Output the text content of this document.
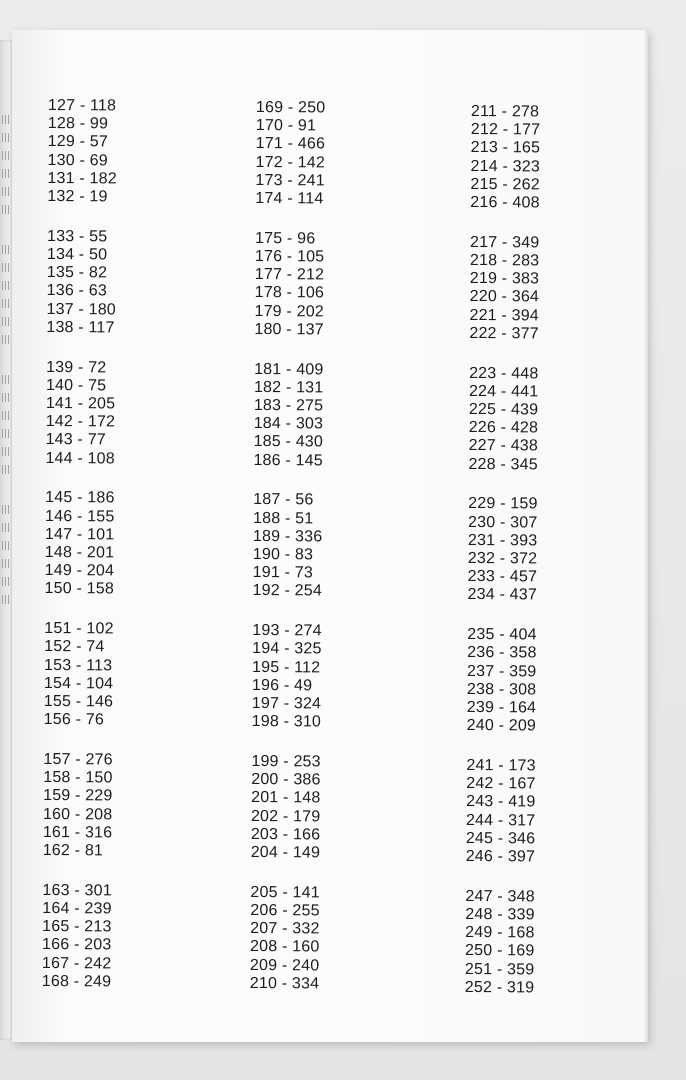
127 - 118
128 - 99
129 - 57
130 - 69
131 - 182
132 - 19
133 - 55
134 - 50
135 - 82
136 - 63
137 - 180
138 - 117
139 - 72
140 - 75
141 - 205
142 - 172
143 - 77
144 - 108
145 - 186
146 - 155
147 - 101
148 - 201
149 - 204
150 - 158
151 - 102
152 - 74
153 - 113
154 - 104
155 - 146
156 - 76
157 - 276
158 - 150
159 - 229
160 - 208
161 - 316
162 - 81
163 - 301
164 - 239
165 - 213
166 - 203
167 - 242
168 - 249
169 - 250
170 - 91
171 - 466
172 - 142
173 - 241
174 - 114
175 - 96
176 - 105
177 - 212
178 - 106
179 - 202
180 - 137
181 - 409
182 - 131
183 - 275
184 - 303
185 - 430
186 - 145
187 - 56
188 - 51
189 - 336
190 - 83
191 - 73
192 - 254
193 - 274
194 - 325
195 - 112
196 - 49
197 - 324
198 - 310
199 - 253
200 - 386
201 - 148
202 - 179
203 - 166
204 - 149
205 - 141
206 - 255
207 - 332
208 - 160
209 - 240
210 - 334
211 - 278
212 - 177
213 - 165
214 - 323
215 - 262
216 - 408
217 - 349
218 - 283
219 - 383
220 - 364
221 - 394
222 - 377
223 - 448
224 - 441
225 - 439
226 - 428
227 - 438
228 - 345
229 - 159
230 - 307
231 - 393
232 - 372
233 - 457
234 - 437
235 - 404
236 - 358
237 - 359
238 - 308
239 - 164
240 - 209
241 - 173
242 - 167
243 - 419
244 - 317
245 - 346
246 - 397
247 - 348
248 - 339
249 - 168
250 - 169
251 - 359
252 - 319
